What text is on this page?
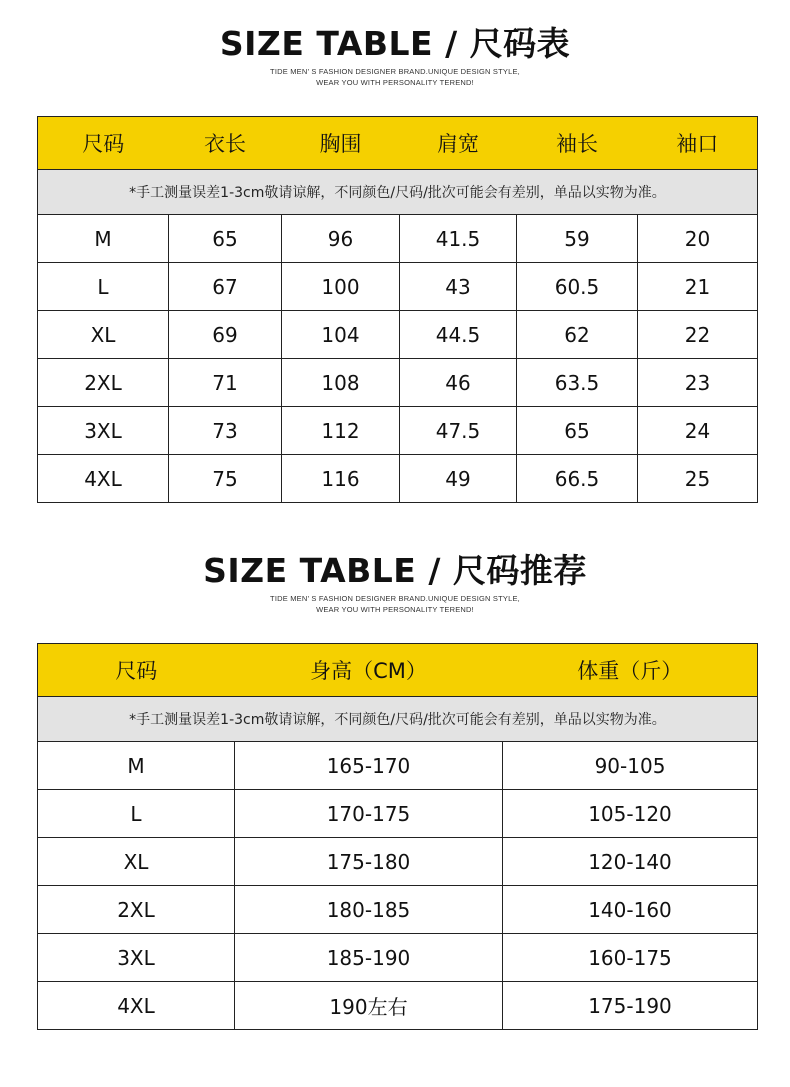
SIZE TABLE / 尺码表
TIDE MEN’ S FASHION DESIGNER BRAND.UNIQUE DESIGN STYLE,
WEAR YOU WITH PERSONALITY TEREND!
尺码	衣长	胸围	肩宽	袖长	袖口
*手工测量误差1-3cm敬请谅解，不同颜色/尺码/批次可能会有差别，单品以实物为准。					
M	65	96	41.5	59	20
L	67	100	43	60.5	21
XL	69	104	44.5	62	22
2XL	71	108	46	63.5	23
3XL	73	112	47.5	65	24
4XL	75	116	49	66.5	25
SIZE TABLE / 尺码推荐
TIDE MEN’ S FASHION DESIGNER BRAND.UNIQUE DESIGN STYLE,
WEAR YOU WITH PERSONALITY TEREND!
尺码	身高（CM）	体重（斤）
*手工测量误差1-3cm敬请谅解，不同颜色/尺码/批次可能会有差别，单品以实物为准。		
M	165-170	90-105
L	170-175	105-120
XL	175-180	120-140
2XL	180-185	140-160
3XL	185-190	160-175
4XL	190左右	175-190
